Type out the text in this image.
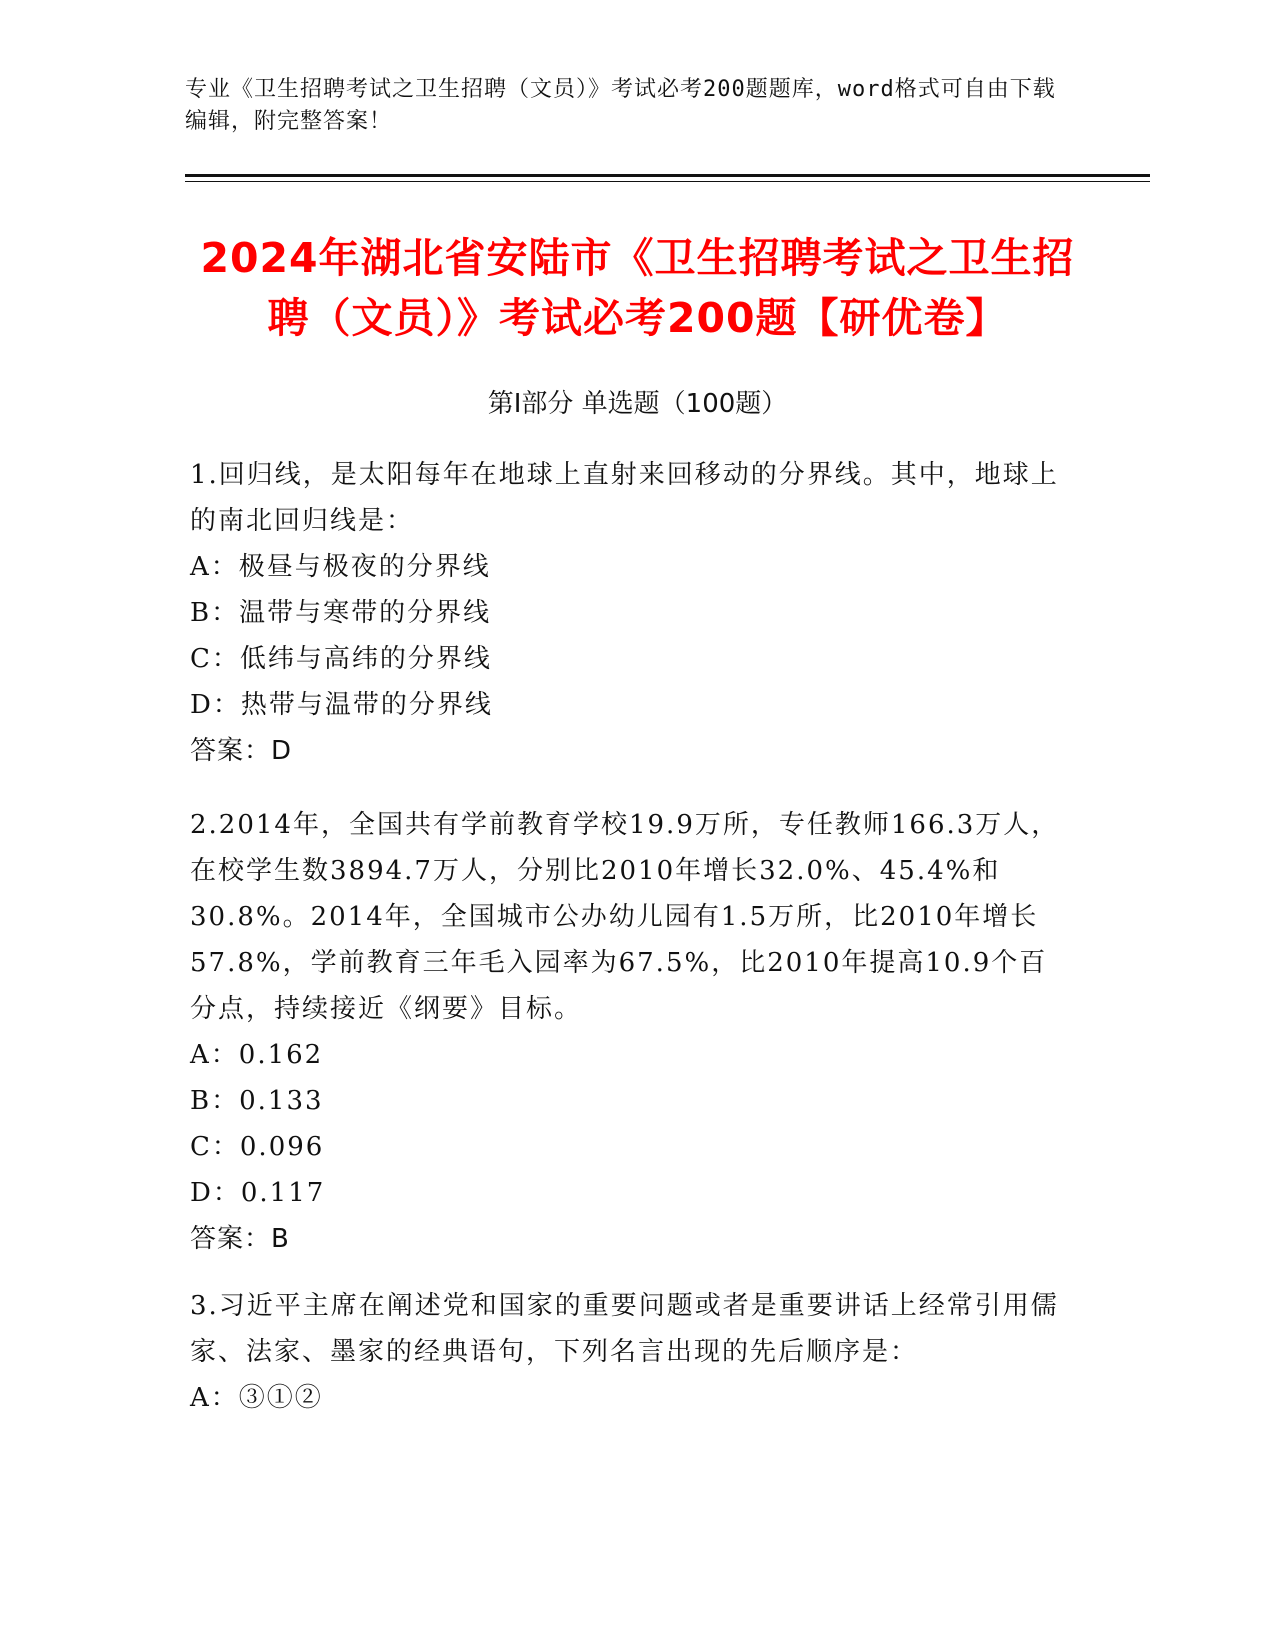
专业《卫生招聘考试之卫生招聘（文员）》考试必考200题题库，word格式可自由下载编辑，附完整答案！
2024年湖北省安陆市《卫生招聘考试之卫生招聘（文员）》考试必考200题【研优卷】
第Ⅰ部分 单选题（100题）

1.回归线，是太阳每年在地球上直射来回移动的分界线。其中，地球上的南北回归线是：

A：极昼与极夜的分界线
B：温带与寒带的分界线
C：低纬与高纬的分界线
D：热带与温带的分界线
答案：D

2.2014年，全国共有学前教育学校19.9万所，专任教师166.3万人，在校学生数3894.7万人，分别比2010年增长32.0%、45.4%和30.8%。2014年，全国城市公办幼儿园有1.5万所，比2010年增长57.8%，学前教育三年毛入园率为67.5%，比2010年提高10.9个百分点，持续接近《纲要》目标。

A：0.162
B：0.133
C：0.096
D：0.117
答案：B

3.习近平主席在阐述党和国家的重要问题或者是重要讲话上经常引用儒家、法家、墨家的经典语句，下列名言出现的先后顺序是：

A：③①②
